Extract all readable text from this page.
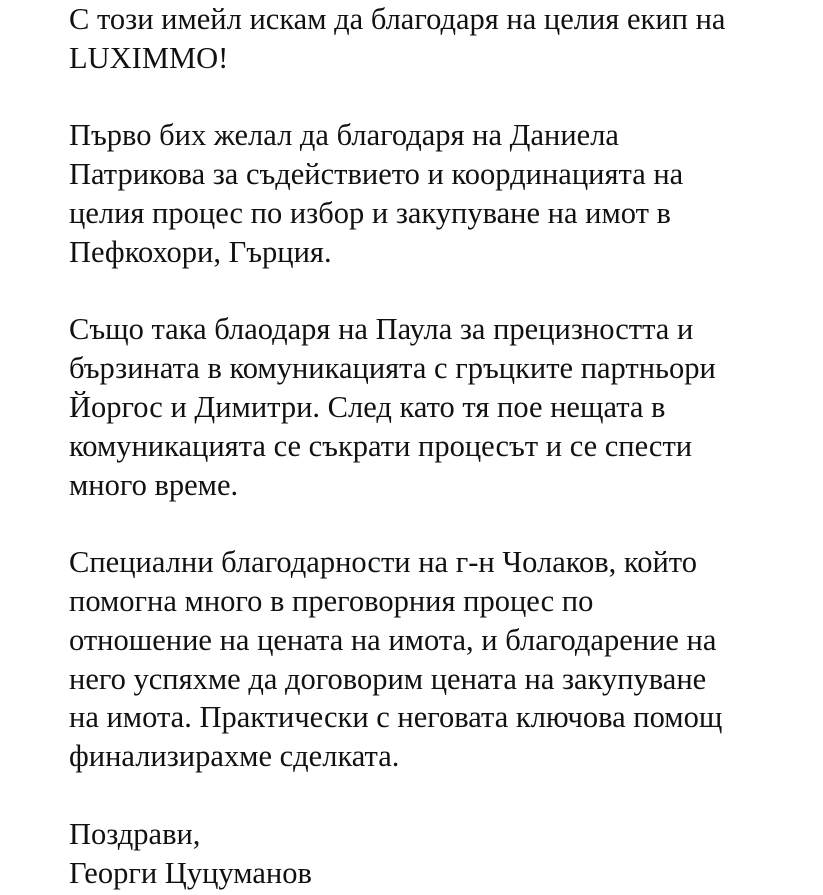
С този имейл искам да благодаря на целия екип на
LUXIMMO!
Първо бих желал да благодаря на Даниела
Патрикова за съдействието и координацията на
целия процес по избор и закупуване на имот в
Пефкохори, Гърция.
Също така блаодаря на Паула за прецизността и
бързината в комуникацията с гръцките партньори
Йоргос и Димитри. След като тя пое нещата в
комуникацията се съкрати процесът и се спести
много време.
Специални благодарности на г-н Чолаков, който
помогна много в преговорния процес по
отношение на цената на имота, и благодарение на
него успяхме да договорим цената на закупуване
на имота. Практически с неговата ключова помощ
финализирахме сделката.
Поздрави,
Георги Цуцуманов
